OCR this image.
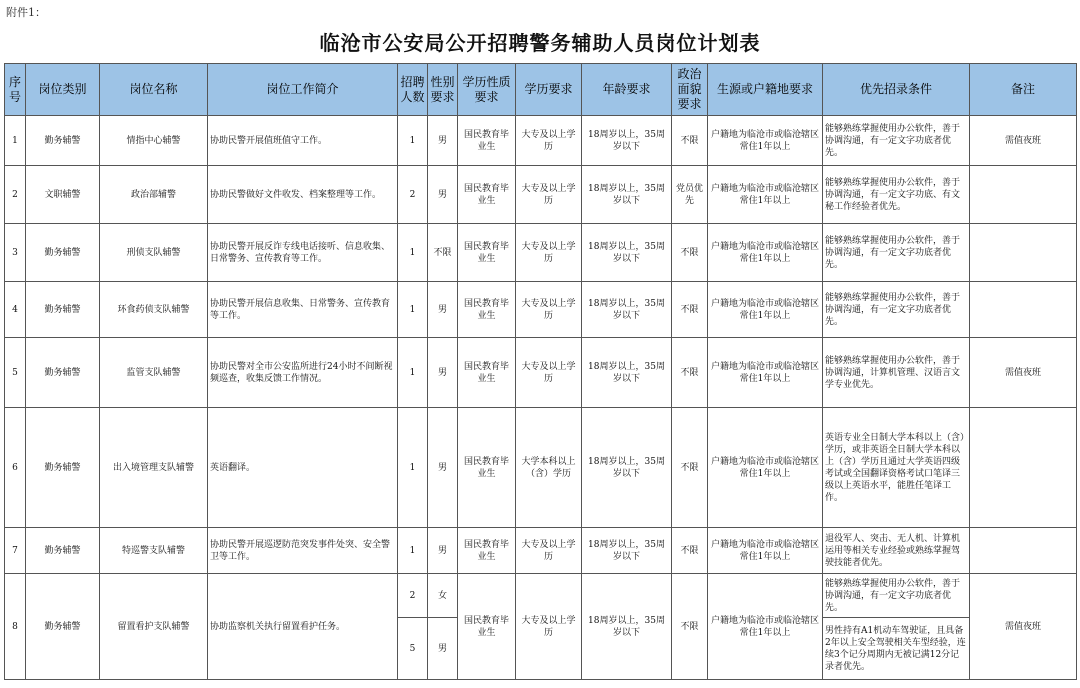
附件1：
临沧市公安局公开招聘警务辅助人员岗位计划表
序号	岗位类别	岗位名称	岗位工作简介	招聘人数	性别要求	学历性质要求	学历要求	年龄要求	政治面貌要求	生源或户籍地要求	优先招录条件	备注
1	勤务辅警	情指中心辅警	协助民警开展值班值守工作。	1	男	国民教育毕业生	大专及以上学历	18周岁以上，35周岁以下	不限	户籍地为临沧市或临沧辖区常住1年以上	能够熟练掌握使用办公软件，善于协调沟通，有一定文字功底者优先。	需值夜班
2	文职辅警	政治部辅警	协助民警做好文件收发、档案整理等工作。	2	男	国民教育毕业生	大专及以上学历	18周岁以上，35周岁以下	党员优先	户籍地为临沧市或临沧辖区常住1年以上	能够熟练掌握使用办公软件，善于协调沟通，有一定文字功底、有文秘工作经验者优先。	
3	勤务辅警	刑侦支队辅警	协助民警开展反诈专线电话接听、信息收集、日常警务、宣传教育等工作。	1	不限	国民教育毕业生	大专及以上学历	18周岁以上，35周岁以下	不限	户籍地为临沧市或临沧辖区常住1年以上	能够熟练掌握使用办公软件，善于协调沟通，有一定文字功底者优先。	
4	勤务辅警	环食药侦支队辅警	协助民警开展信息收集、日常警务、宣传教育等工作。	1	男	国民教育毕业生	大专及以上学历	18周岁以上，35周岁以下	不限	户籍地为临沧市或临沧辖区常住1年以上	能够熟练掌握使用办公软件，善于协调沟通，有一定文字功底者优先。	
5	勤务辅警	监管支队辅警	协助民警对全市公安监所进行24小时不间断视频巡查，收集反馈工作情况。	1	男	国民教育毕业生	大专及以上学历	18周岁以上，35周岁以下	不限	户籍地为临沧市或临沧辖区常住1年以上	能够熟练掌握使用办公软件，善于协调沟通，计算机管理、汉语言文学专业优先。	需值夜班
6	勤务辅警	出入境管理支队辅警	英语翻译。	1	男	国民教育毕业生	大学本科以上（含）学历	18周岁以上，35周岁以下	不限	户籍地为临沧市或临沧辖区常住1年以上	英语专业全日制大学本科以上（含）学历，或非英语全日制大学本科以上（含）学历且通过大学英语四级考试或全国翻译资格考试口笔译三级以上英语水平，能胜任笔译工作。	
7	勤务辅警	特巡警支队辅警	协助民警开展巡逻防范突发事件处突、安全警卫等工作。	1	男	国民教育毕业生	大专及以上学历	18周岁以上，35周岁以下	不限	户籍地为临沧市或临沧辖区常住1年以上	退役军人、突击、无人机、计算机运用等相关专业经验或熟练掌握驾驶技能者优先。	
8	勤务辅警	留置看护支队辅警	协助监察机关执行留置看护任务。	2	女	国民教育毕业生	大专及以上学历	18周岁以上，35周岁以下	不限	户籍地为临沧市或临沧辖区常住1年以上	能够熟练掌握使用办公软件，善于协调沟通，有一定文字功底者优先。	需值夜班
				5	男						男性持有A1机动车驾驶证，且具备2年以上安全驾驶相关车型经验，连续3个记分周期内无被记满12分记录者优先。	
